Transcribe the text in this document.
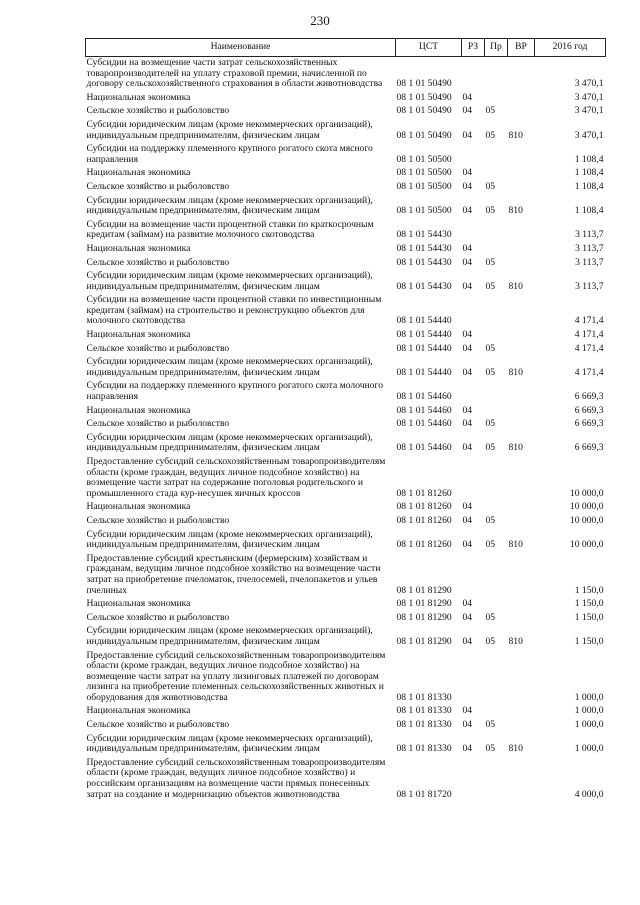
230
Наименование	ЦСТ	РЗ	Пр	ВР	2016 год
Субсидии на возмещение части затрат сельскохозяйственных товаропроизводителей на уплату страховой премии, начисленной по договору сельскохозяйственного страхования в области животноводства	08 1 01 50490				3 470,1
Национальная экономика	08 1 01 50490	04			3 470,1
Сельское хозяйство и рыболовство	08 1 01 50490	04	05		3 470,1
Субсидии юридическим лицам (кроме некоммерческих организаций), индивидуальным предпринимателям, физическим лицам	08 1 01 50490	04	05	810	3 470,1
Субсидии на поддержку племенного крупного рогатого скота мясного направления	08 1 01 50500				1 108,4
Национальная экономика	08 1 01 50500	04			1 108,4
Сельское хозяйство и рыболовство	08 1 01 50500	04	05		1 108,4
Субсидии юридическим лицам (кроме некоммерческих организаций), индивидуальным предпринимателям, физическим лицам	08 1 01 50500	04	05	810	1 108,4
Субсидии на возмещение части процентной ставки по краткосрочным кредитам (займам) на развитие молочного скотоводства	08 1 01 54430				3 113,7
Национальная экономика	08 1 01 54430	04			3 113,7
Сельское хозяйство и рыболовство	08 1 01 54430	04	05		3 113,7
Субсидии юридическим лицам (кроме некоммерческих организаций), индивидуальным предпринимателям, физическим лицам	08 1 01 54430	04	05	810	3 113,7
Субсидии на возмещение части процентной ставки по инвестиционным кредитам (займам) на строительство и реконструкцию объектов для молочного скотоводства	08 1 01 54440				4 171,4
Национальная экономика	08 1 01 54440	04			4 171,4
Сельское хозяйство и рыболовство	08 1 01 54440	04	05		4 171,4
Субсидии юридическим лицам (кроме некоммерческих организаций), индивидуальным предпринимателям, физическим лицам	08 1 01 54440	04	05	810	4 171,4
Субсидии на поддержку племенного крупного рогатого скота молочного направления	08 1 01 54460				6 669,3
Национальная экономика	08 1 01 54460	04			6 669,3
Сельское хозяйство и рыболовство	08 1 01 54460	04	05		6 669,3
Субсидии юридическим лицам (кроме некоммерческих организаций), индивидуальным предпринимателям, физическим лицам	08 1 01 54460	04	05	810	6 669,3
Предоставление субсидий сельскохозяйственным товаропроизводителям области (кроме граждан, ведущих личное подсобное хозяйство) на возмещение части затрат на содержание поголовья родительского и промышленного стада кур-несушек яичных кроссов	08 1 01 81260				10 000,0
Национальная экономика	08 1 01 81260	04			10 000,0
Сельское хозяйство и рыболовство	08 1 01 81260	04	05		10 000,0
Субсидии юридическим лицам (кроме некоммерческих организаций), индивидуальным предпринимателям, физическим лицам	08 1 01 81260	04	05	810	10 000,0
Предоставление субсидий крестьянским (фермерским) хозяйствам и гражданам, ведущим личное подсобное хозяйство на возмещение части затрат на приобретение пчеломаток, пчелосемей, пчелопакетов и ульев пчелиных	08 1 01 81290				1 150,0
Национальная экономика	08 1 01 81290	04			1 150,0
Сельское хозяйство и рыболовство	08 1 01 81290	04	05		1 150,0
Субсидии юридическим лицам (кроме некоммерческих организаций), индивидуальным предпринимателям, физическим лицам	08 1 01 81290	04	05	810	1 150,0
Предоставление субсидий сельскохозяйственным товаропроизводителям области (кроме граждан, ведущих личное подсобное хозяйство) на возмещение части затрат на уплату лизинговых платежей по договорам лизинга на приобретение племенных сельскохозяйственных животных и оборудования для животноводства	08 1 01 81330				1 000,0
Национальная экономика	08 1 01 81330	04			1 000,0
Сельское хозяйство и рыболовство	08 1 01 81330	04	05		1 000,0
Субсидии юридическим лицам (кроме некоммерческих организаций), индивидуальным предпринимателям, физическим лицам	08 1 01 81330	04	05	810	1 000,0
Предоставление субсидий сельскохозяйственным товаропроизводителям области (кроме граждан, ведущих личное подсобное хозяйство) и российским организациям на возмещение части прямых понесенных затрат на создание и модернизацию объектов животноводства	08 1 01 81720				4 000,0
